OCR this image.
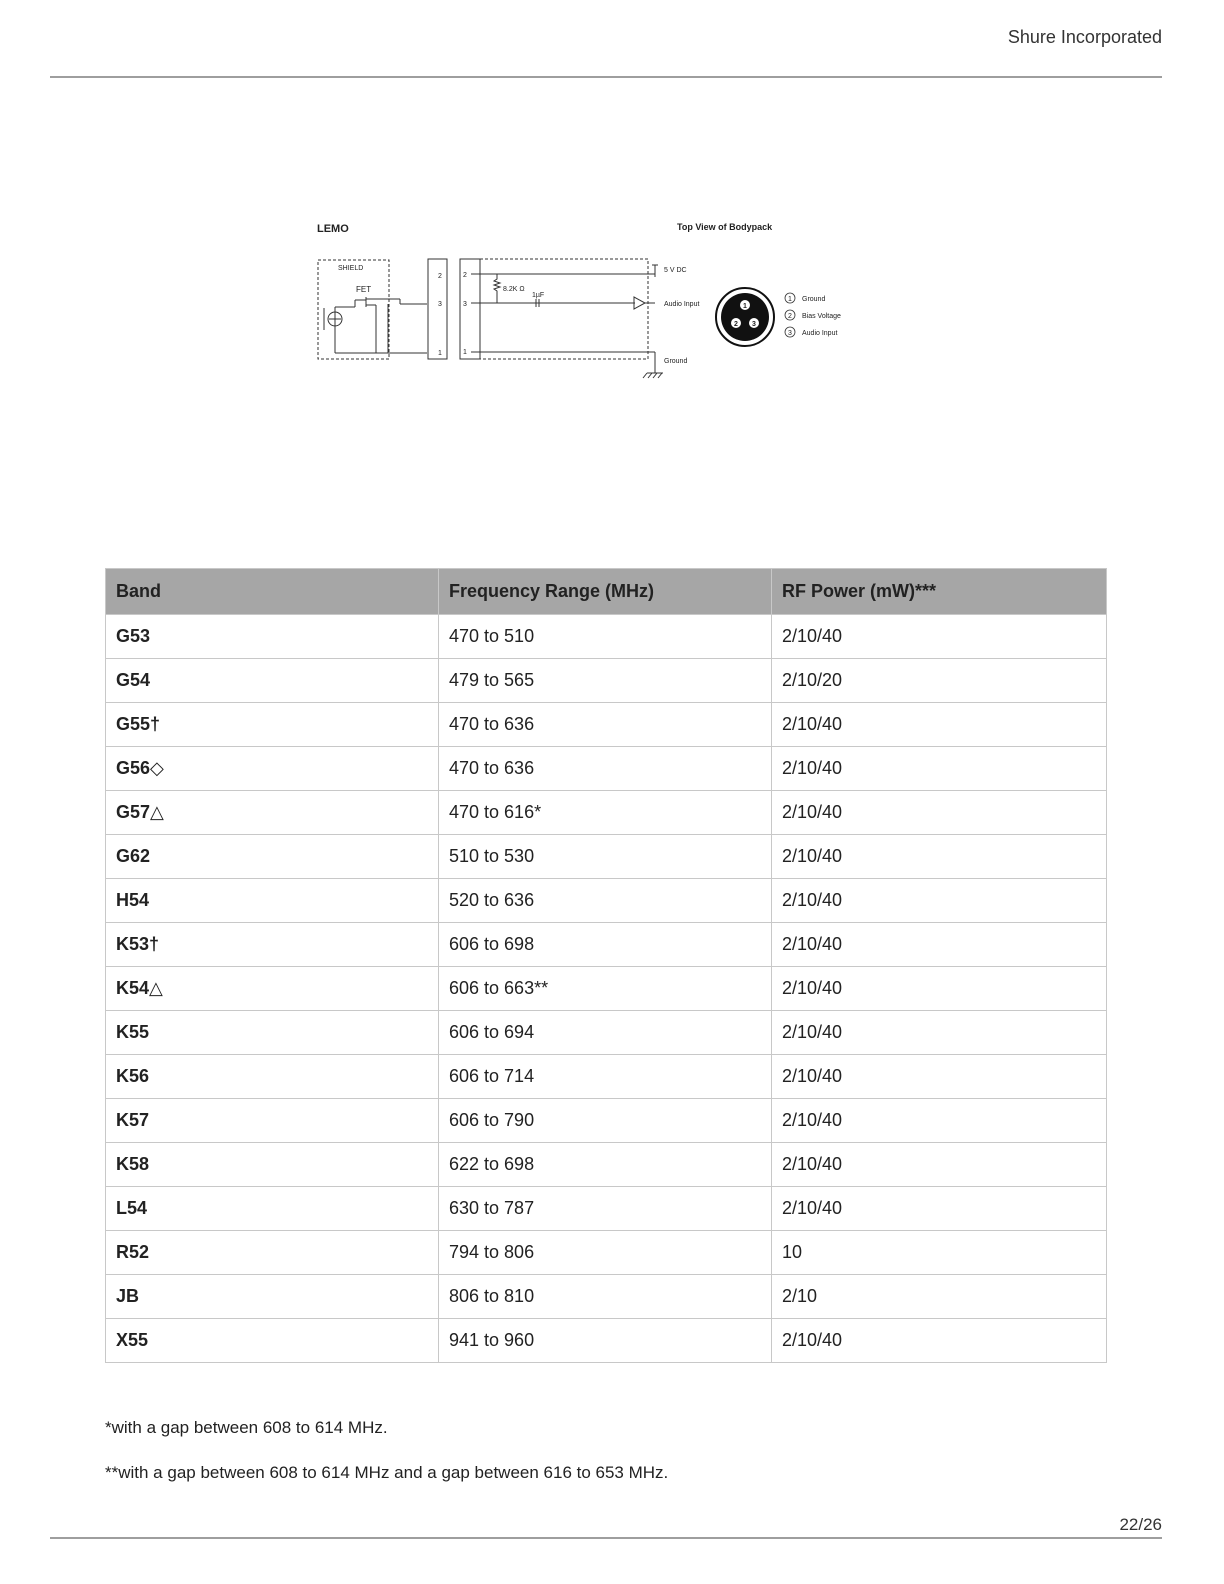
Shure Incorporated
LEMO	Top View of Bodypack
SHIELD
FET
2
3
1
2
3
1
8.2K Ω
1µF
5 V DC
Audio Input
Ground
1
2 3
1 Ground
2 Bias Voltage
3 Audio Input
Band	Frequency Range (MHz)	RF Power (mW)***
G53	470 to 510	2/10/40
G54	479 to 565	2/10/20
G55†	470 to 636	2/10/40
G56◇	470 to 636	2/10/40
G57△	470 to 616*	2/10/40
G62	510 to 530	2/10/40
H54	520 to 636	2/10/40
K53†	606 to 698	2/10/40
K54△	606 to 663**	2/10/40
K55	606 to 694	2/10/40
K56	606 to 714	2/10/40
K57	606 to 790	2/10/40
K58	622 to 698	2/10/40
L54	630 to 787	2/10/40
R52	794 to 806	10
JB	806 to 810	2/10
X55	941 to 960	2/10/40
*with a gap between 608 to 614 MHz.
**with a gap between 608 to 614 MHz and a gap between 616 to 653 MHz.
22/26
